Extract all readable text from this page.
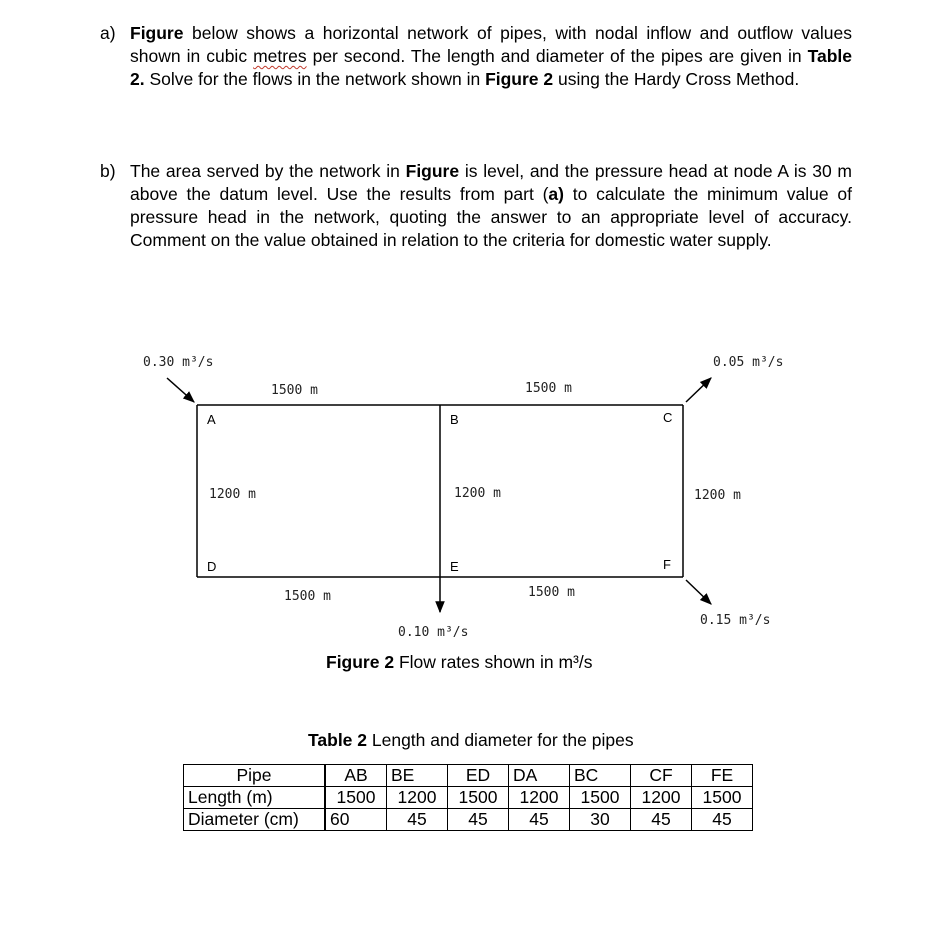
a) Figure below shows a horizontal network of pipes, with nodal inflow and outflow values shown in cubic metres per second. The length and diameter of the pipes are given in Table 2. Solve for the flows in the network shown in Figure 2 using the Hardy Cross Method.
b) The area served by the network in Figure is level, and the pressure head at node A is 30 m above the datum level. Use the results from part (a) to calculate the minimum value of pressure head in the network, quoting the answer to an appropriate level of accuracy. Comment on the value obtained in relation to the criteria for domestic water supply.
A	B	C
D	E	F
1500 m	1500 m
1200 m	1200 m	1200 m
1500 m	1500 m
0.30 m³/s	0.05 m³/s
0.10 m³/s
0.15 m³/s
Figure 2 Flow rates shown in m³/s
Table 2 Length and diameter for the pipes
Pipe	AB	BE	ED	DA	BC	CF	FE
Length (m)	1500	1200	1500	1200	1500	1200	1500
Diameter (cm)	60	45	45	45	30	45	45
